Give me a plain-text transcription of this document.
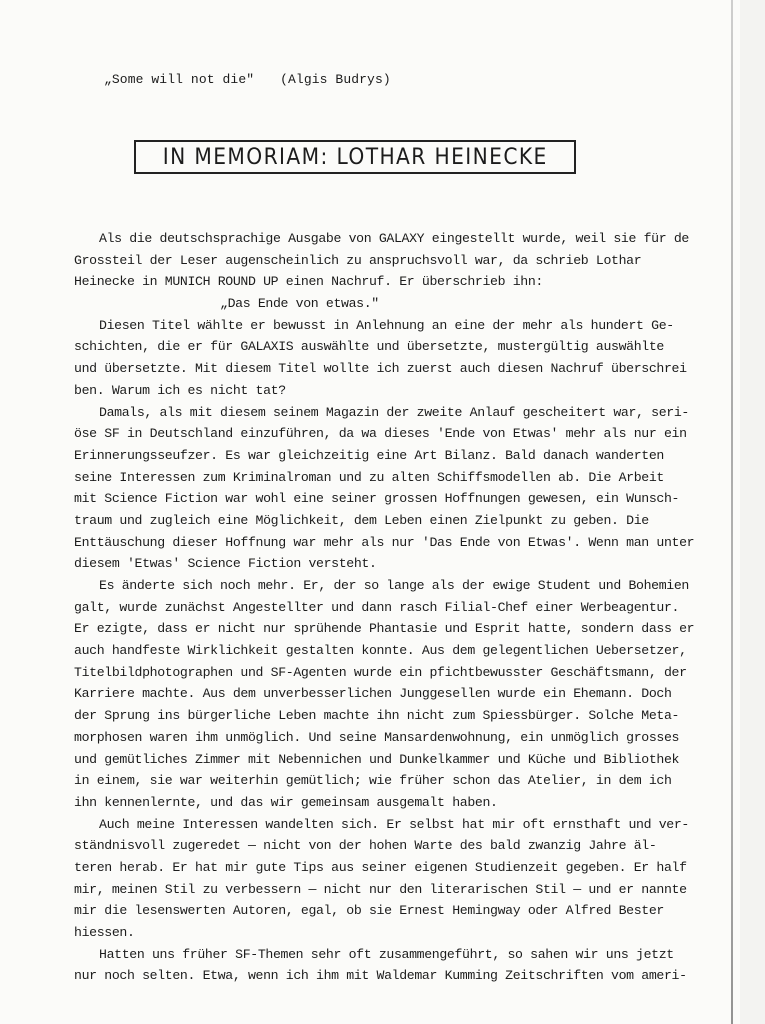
„Some will not die" (Algis Budrys)
IN MEMORIAM: LOTHAR HEINECKE
Als die deutschsprachige Ausgabe von GALAXY eingestellt wurde, weil sie für de
Grossteil der Leser augenscheinlich zu anspruchsvoll war, da schrieb Lothar
Heinecke in MUNICH ROUND UP einen Nachruf. Er überschrieb ihn:
„Das Ende von etwas."
Diesen Titel wählte er bewusst in Anlehnung an eine der mehr als hundert Ge-
schichten, die er für GALAXIS auswählte und übersetzte, mustergültig auswählte
und übersetzte. Mit diesem Titel wollte ich zuerst auch diesen Nachruf überschrei
ben. Warum ich es nicht tat?
Damals, als mit diesem seinem Magazin der zweite Anlauf gescheitert war, seri-
öse SF in Deutschland einzuführen, da wa dieses 'Ende von Etwas' mehr als nur ein
Erinnerungsseufzer. Es war gleichzeitig eine Art Bilanz. Bald danach wanderten
seine Interessen zum Kriminalroman und zu alten Schiffsmodellen ab. Die Arbeit
mit Science Fiction war wohl eine seiner grossen Hoffnungen gewesen, ein Wunsch-
traum und zugleich eine Möglichkeit, dem Leben einen Zielpunkt zu geben. Die
Enttäuschung dieser Hoffnung war mehr als nur 'Das Ende von Etwas'. Wenn man unter
diesem 'Etwas' Science Fiction versteht.
Es änderte sich noch mehr. Er, der so lange als der ewige Student und Bohemien
galt, wurde zunächst Angestellter und dann rasch Filial-Chef einer Werbeagentur.
Er ezigte, dass er nicht nur sprühende Phantasie und Esprit hatte, sondern dass er
auch handfeste Wirklichkeit gestalten konnte. Aus dem gelegentlichen Uebersetzer,
Titelbildphotographen und SF-Agenten wurde ein pfichtbewusster Geschäftsmann, der
Karriere machte. Aus dem unverbesserlichen Junggesellen wurde ein Ehemann. Doch
der Sprung ins bürgerliche Leben machte ihn nicht zum Spiessbürger. Solche Meta-
morphosen waren ihm unmöglich. Und seine Mansardenwohnung, ein unmöglich grosses
und gemütliches Zimmer mit Nebennichen und Dunkelkammer und Küche und Bibliothek
in einem, sie war weiterhin gemütlich; wie früher schon das Atelier, in dem ich
ihn kennenlernte, und das wir gemeinsam ausgemalt haben.
Auch meine Interessen wandelten sich. Er selbst hat mir oft ernsthaft und ver-
ständnisvoll zugeredet — nicht von der hohen Warte des bald zwanzig Jahre äl-
teren herab. Er hat mir gute Tips aus seiner eigenen Studienzeit gegeben. Er half
mir, meinen Stil zu verbessern — nicht nur den literarischen Stil — und er nannte
mir die lesenswerten Autoren, egal, ob sie Ernest Hemingway oder Alfred Bester
hiessen.
Hatten uns früher SF-Themen sehr oft zusammengeführt, so sahen wir uns jetzt
nur noch selten. Etwa, wenn ich ihm mit Waldemar Kumming Zeitschriften vom ameri-
